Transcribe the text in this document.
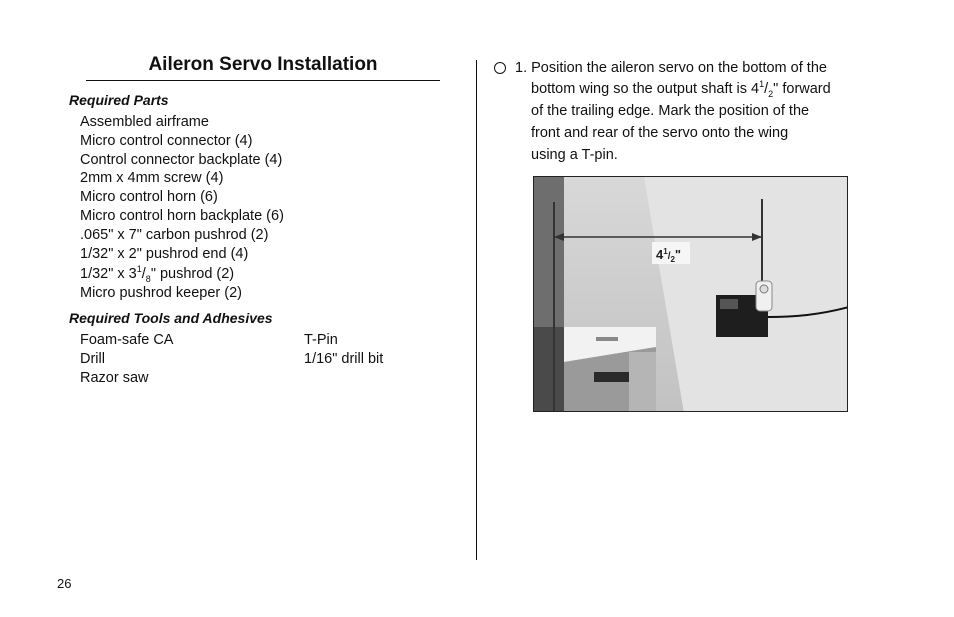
Aileron Servo Installation
Required Parts
Assembled airframe
Micro control connector (4)
Control connector backplate (4)
2mm x 4mm screw (4)
Micro control horn (6)
Micro control horn backplate (6)
.065" x 7" carbon pushrod (2)
1/32" x 2" pushrod end (4)
1/32" x $3^1/_8$" pushrod (2)
Micro pushrod keeper (2)
Required Tools and Adhesives
Foam-safe CA	T-Pin
Drill	1/16" drill bit
Razor saw
1. Position the aileron servo on the bottom of the
bottom wing so the output shaft is $4^1/_2$" forward
of the trailing edge. Mark the position of the
front and rear of the servo onto the wing
using a T-pin.
$4^1_{/2}$"
26
